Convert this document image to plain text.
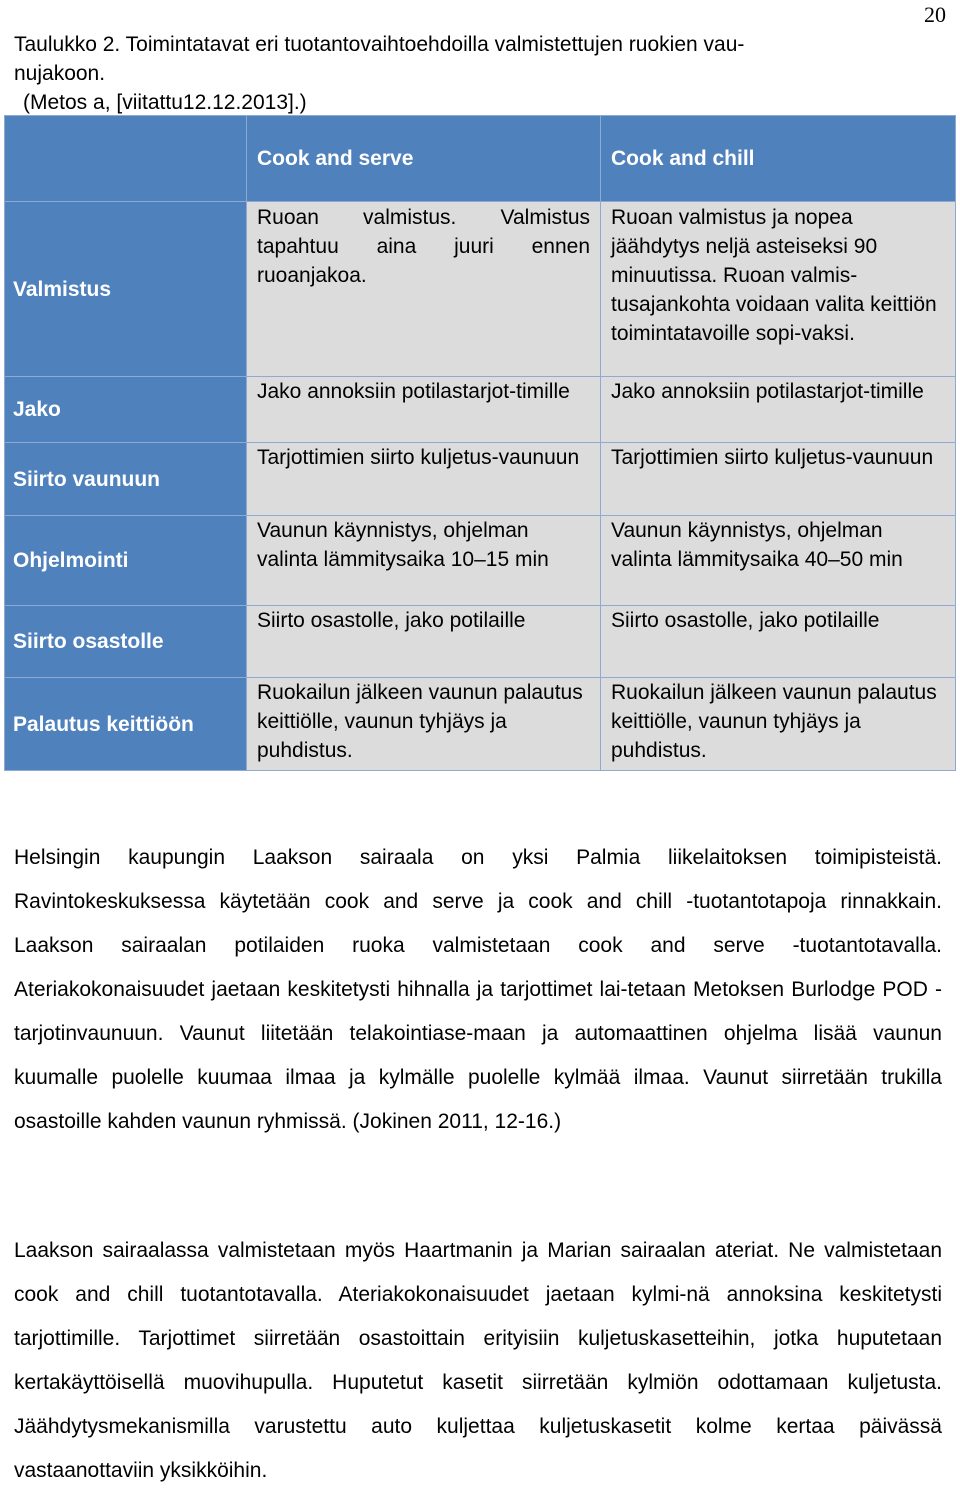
20
Taulukko 2. Toimintatavat eri tuotantovaihtoehdoilla valmistettujen ruokien vau-
nujakoon.
(Metos a, [viitattu12.12.2013].)
	Cook and serve	Cook and chill
Valmistus	Ruoan valmistus. Valmistus tapahtuu aina juuri ennen ruoanjakoa.	Ruoan valmistus ja nopea jäähdytys neljä asteiseksi 90 minuutissa. Ruoan valmis-tusajankohta voidaan valita keittiön toimintatavoille sopi-vaksi.
Jako	Jako annoksiin potilastarjot-timille	Jako annoksiin potilastarjot-timille
Siirto vaunuun	Tarjottimien siirto kuljetus-vaunuun	Tarjottimien siirto kuljetus-vaunuun
Ohjelmointi	Vaunun käynnistys, ohjelman valinta lämmitysaika 10–15 min	Vaunun käynnistys, ohjelman valinta lämmitysaika 40–50 min
Siirto osastolle	Siirto osastolle, jako potilaille	Siirto osastolle, jako potilaille
Palautus keittiöön	Ruokailun jälkeen vaunun palautus keittiölle, vaunun tyhjäys ja puhdistus.	Ruokailun jälkeen vaunun palautus keittiölle, vaunun tyhjäys ja puhdistus.

Helsingin kaupungin Laakson sairaala on yksi Palmia liikelaitoksen toimipisteistä. Ravintokeskuksessa käytetään cook and serve ja cook and chill -tuotantotapoja rinnakkain. Laakson sairaalan potilaiden ruoka valmistetaan cook and serve -tuotantotavalla. Ateriakokonaisuudet jaetaan keskitetysti hihnalla ja tarjottimet lai-tetaan Metoksen Burlodge POD -tarjotinvaunuun. Vaunut liitetään telakointiase-maan ja automaattinen ohjelma lisää vaunun kuumalle puolelle kuumaa ilmaa ja kylmälle puolelle kylmää ilmaa. Vaunut siirretään trukilla osastoille kahden vaunun ryhmissä. (Jokinen 2011, 12-16.)

Laakson sairaalassa valmistetaan myös Haartmanin ja Marian sairaalan ateriat. Ne valmistetaan cook and chill tuotantotavalla. Ateriakokonaisuudet jaetaan kylmi-nä annoksina keskitetysti tarjottimille. Tarjottimet siirretään osastoittain erityisiin kuljetuskasetteihin, jotka huputetaan kertakäyttöisellä muovihupulla. Huputetut kasetit siirretään kylmiön odottamaan kuljetusta. Jäähdytysmekanismilla varustettu auto kuljettaa kuljetuskasetit kolme kertaa päivässä vastaanottaviin yksikköihin.
